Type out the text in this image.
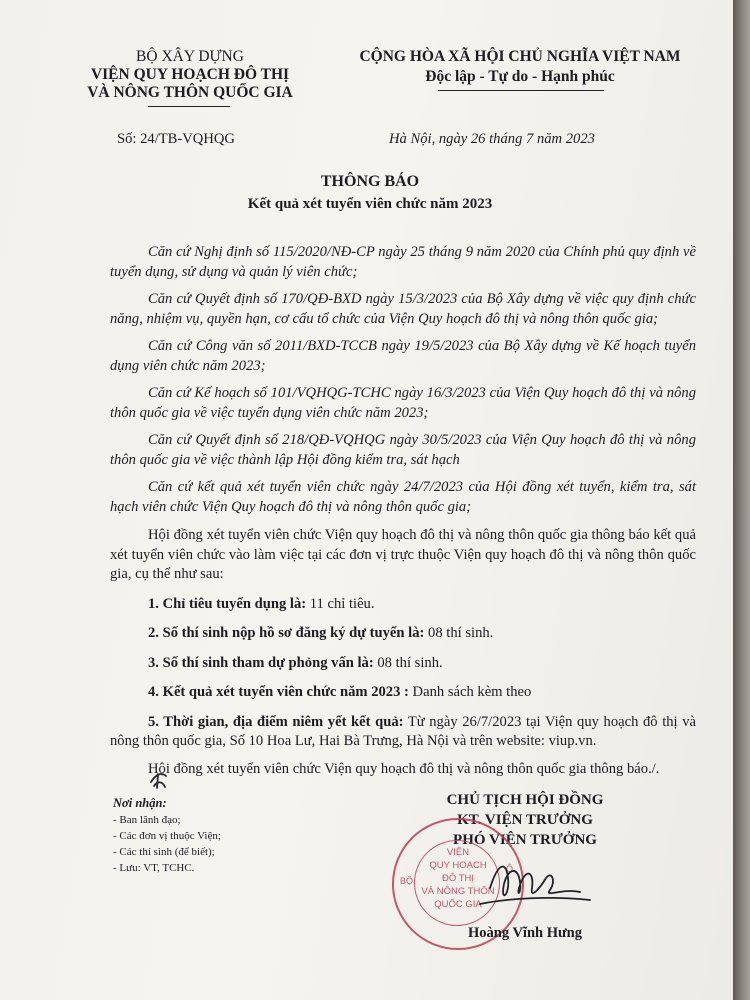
BỘ XÂY DỰNG
VIỆN QUY HOẠCH ĐÔ THỊ
VÀ NÔNG THÔN QUỐC GIA
CỘNG HÒA XÃ HỘI CHỦ NGHĨA VIỆT NAM
Độc lập - Tự do - Hạnh phúc
Số: 24/TB-VQHQG	Hà Nội, ngày 26 tháng 7 năm 2023
THÔNG BÁO
Kết quả xét tuyển viên chức năm 2023
Căn cứ Nghị định số 115/2020/NĐ-CP ngày 25 tháng 9 năm 2020 của Chính phủ quy định về tuyển dụng, sử dụng và quản lý viên chức;
Căn cứ Quyết định số 170/QĐ-BXD ngày 15/3/2023 của Bộ Xây dựng về việc quy định chức năng, nhiệm vụ, quyền hạn, cơ cấu tổ chức của Viện Quy hoạch đô thị và nông thôn quốc gia;
Căn cứ Công văn số 2011/BXD-TCCB ngày 19/5/2023 của Bộ Xây dựng về Kế hoạch tuyển dụng viên chức năm 2023;
Căn cứ Kế hoạch số 101/VQHQG-TCHC ngày 16/3/2023 của Viện Quy hoạch đô thị và nông thôn quốc gia về việc tuyển dụng viên chức năm 2023;
Căn cứ Quyết định số 218/QĐ-VQHQG ngày 30/5/2023 của Viện Quy hoạch đô thị và nông thôn quốc gia về việc thành lập Hội đồng kiểm tra, sát hạch
Căn cứ kết quả xét tuyển viên chức ngày 24/7/2023 của Hội đồng xét tuyển, kiểm tra, sát hạch viên chức Viện Quy hoạch đô thị và nông thôn quốc gia;
Hội đồng xét tuyển viên chức Viện quy hoạch đô thị và nông thôn quốc gia thông báo kết quả xét tuyển viên chức vào làm việc tại các đơn vị trực thuộc Viện quy hoạch đô thị và nông thôn quốc gia, cụ thể như sau:
1. Chỉ tiêu tuyển dụng là: 11 chỉ tiêu.
2. Số thí sinh nộp hồ sơ đăng ký dự tuyển là: 08 thí sinh.
3. Số thí sinh tham dự phỏng vấn là: 08 thí sinh.
4. Kết quả xét tuyển viên chức năm 2023 : Danh sách kèm theo
5. Thời gian, địa điểm niêm yết kết quả: Từ ngày 26/7/2023 tại Viện quy hoạch đô thị và nông thôn quốc gia, Số 10 Hoa Lư, Hai Bà Trưng, Hà Nội và trên website: viup.vn.
Hội đồng xét tuyển viên chức Viện quy hoạch đô thị và nông thôn quốc gia thông báo./.
Nơi nhận:
- Ban lãnh đạo;
- Các đơn vị thuộc Viện;
- Các thí sinh (để biết);
- Lưu: VT, TCHC.
CHỦ TỊCH HỘI ĐỒNG
KT. VIỆN TRƯỞNG
PHÓ VIỆN TRƯỞNG
VIỆN
QUY HOẠCH
ĐÔ THỊ
VÀ NÔNG THÔN
QUỐC GIA
BỘ
Ô
Hoàng Vĩnh Hưng
